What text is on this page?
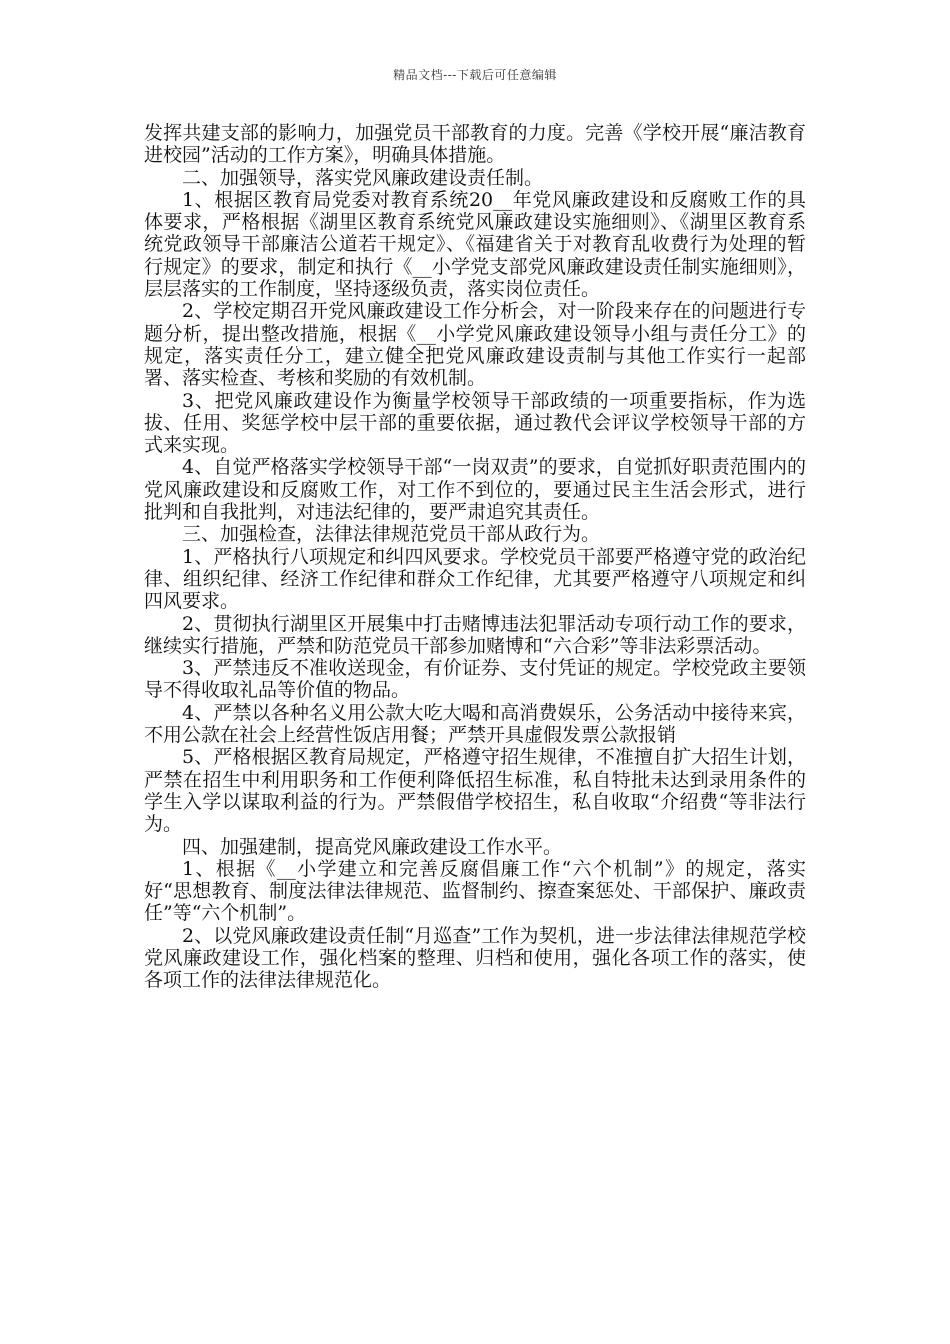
精品文档---下载后可任意编辑

发挥共建支部的影响力，加强党员干部教育的力度。完善《学校开展“廉洁教育进校园”活动的工作方案》，明确具体措施。

二、加强领导，落实党风廉政建设责任制。

1、根据区教育局党委对教育系统20__年党风廉政建设和反腐败工作的具体要求，严格根据《湖里区教育系统党风廉政建设实施细则》、《湖里区教育系统党政领导干部廉洁公道若干规定》、《福建省关于对教育乱收费行为处理的暂行规定》的要求，制定和执行《__小学党支部党风廉政建设责任制实施细则》，层层落实的工作制度，坚持逐级负责，落实岗位责任。

2、学校定期召开党风廉政建设工作分析会，对一阶段来存在的问题进行专题分析，提出整改措施，根据《__小学党风廉政建设领导小组与责任分工》的规定，落实责任分工，建立健全把党风廉政建设责制与其他工作实行一起部署、落实检查、考核和奖励的有效机制。

3、把党风廉政建设作为衡量学校领导干部政绩的一项重要指标，作为选拔、任用、奖惩学校中层干部的重要依据，通过教代会评议学校领导干部的方式来实现。

4、自觉严格落实学校领导干部“一岗双责”的要求，自觉抓好职责范围内的党风廉政建设和反腐败工作，对工作不到位的，要通过民主生活会形式，进行批判和自我批判，对违法纪律的，要严肃追究其责任。

三、加强检查，法律法律规范党员干部从政行为。

1、严格执行八项规定和纠四风要求。学校党员干部要严格遵守党的政治纪律、组织纪律、经济工作纪律和群众工作纪律，尤其要严格遵守八项规定和纠四风要求。

2、贯彻执行湖里区开展集中打击赌博违法犯罪活动专项行动工作的要求，继续实行措施，严禁和防范党员干部参加赌博和“六合彩”等非法彩票活动。

3、严禁违反不准收送现金，有价证券、支付凭证的规定。学校党政主要领导不得收取礼品等价值的物品。

4、严禁以各种名义用公款大吃大喝和高消费娱乐，公务活动中接待来宾，不用公款在社会上经营性饭店用餐；严禁开具虚假发票公款报销

5、严格根据区教育局规定，严格遵守招生规律，不准擅自扩大招生计划，严禁在招生中利用职务和工作便利降低招生标准，私自特批未达到录用条件的学生入学以谋取利益的行为。严禁假借学校招生，私自收取“介绍费“等非法行为。

四、加强建制，提高党风廉政建设工作水平。

1、根据《__小学建立和完善反腐倡廉工作“六个机制”》的规定，落实好“思想教育、制度法律法律规范、监督制约、擦查案惩处、干部保护、廉政责任”等“六个机制”。

2、以党风廉政建设责任制“月巡查”工作为契机，进一步法律法律规范学校党风廉政建设工作，强化档案的整理、归档和使用，强化各项工作的落实，使各项工作的法律法律规范化。
